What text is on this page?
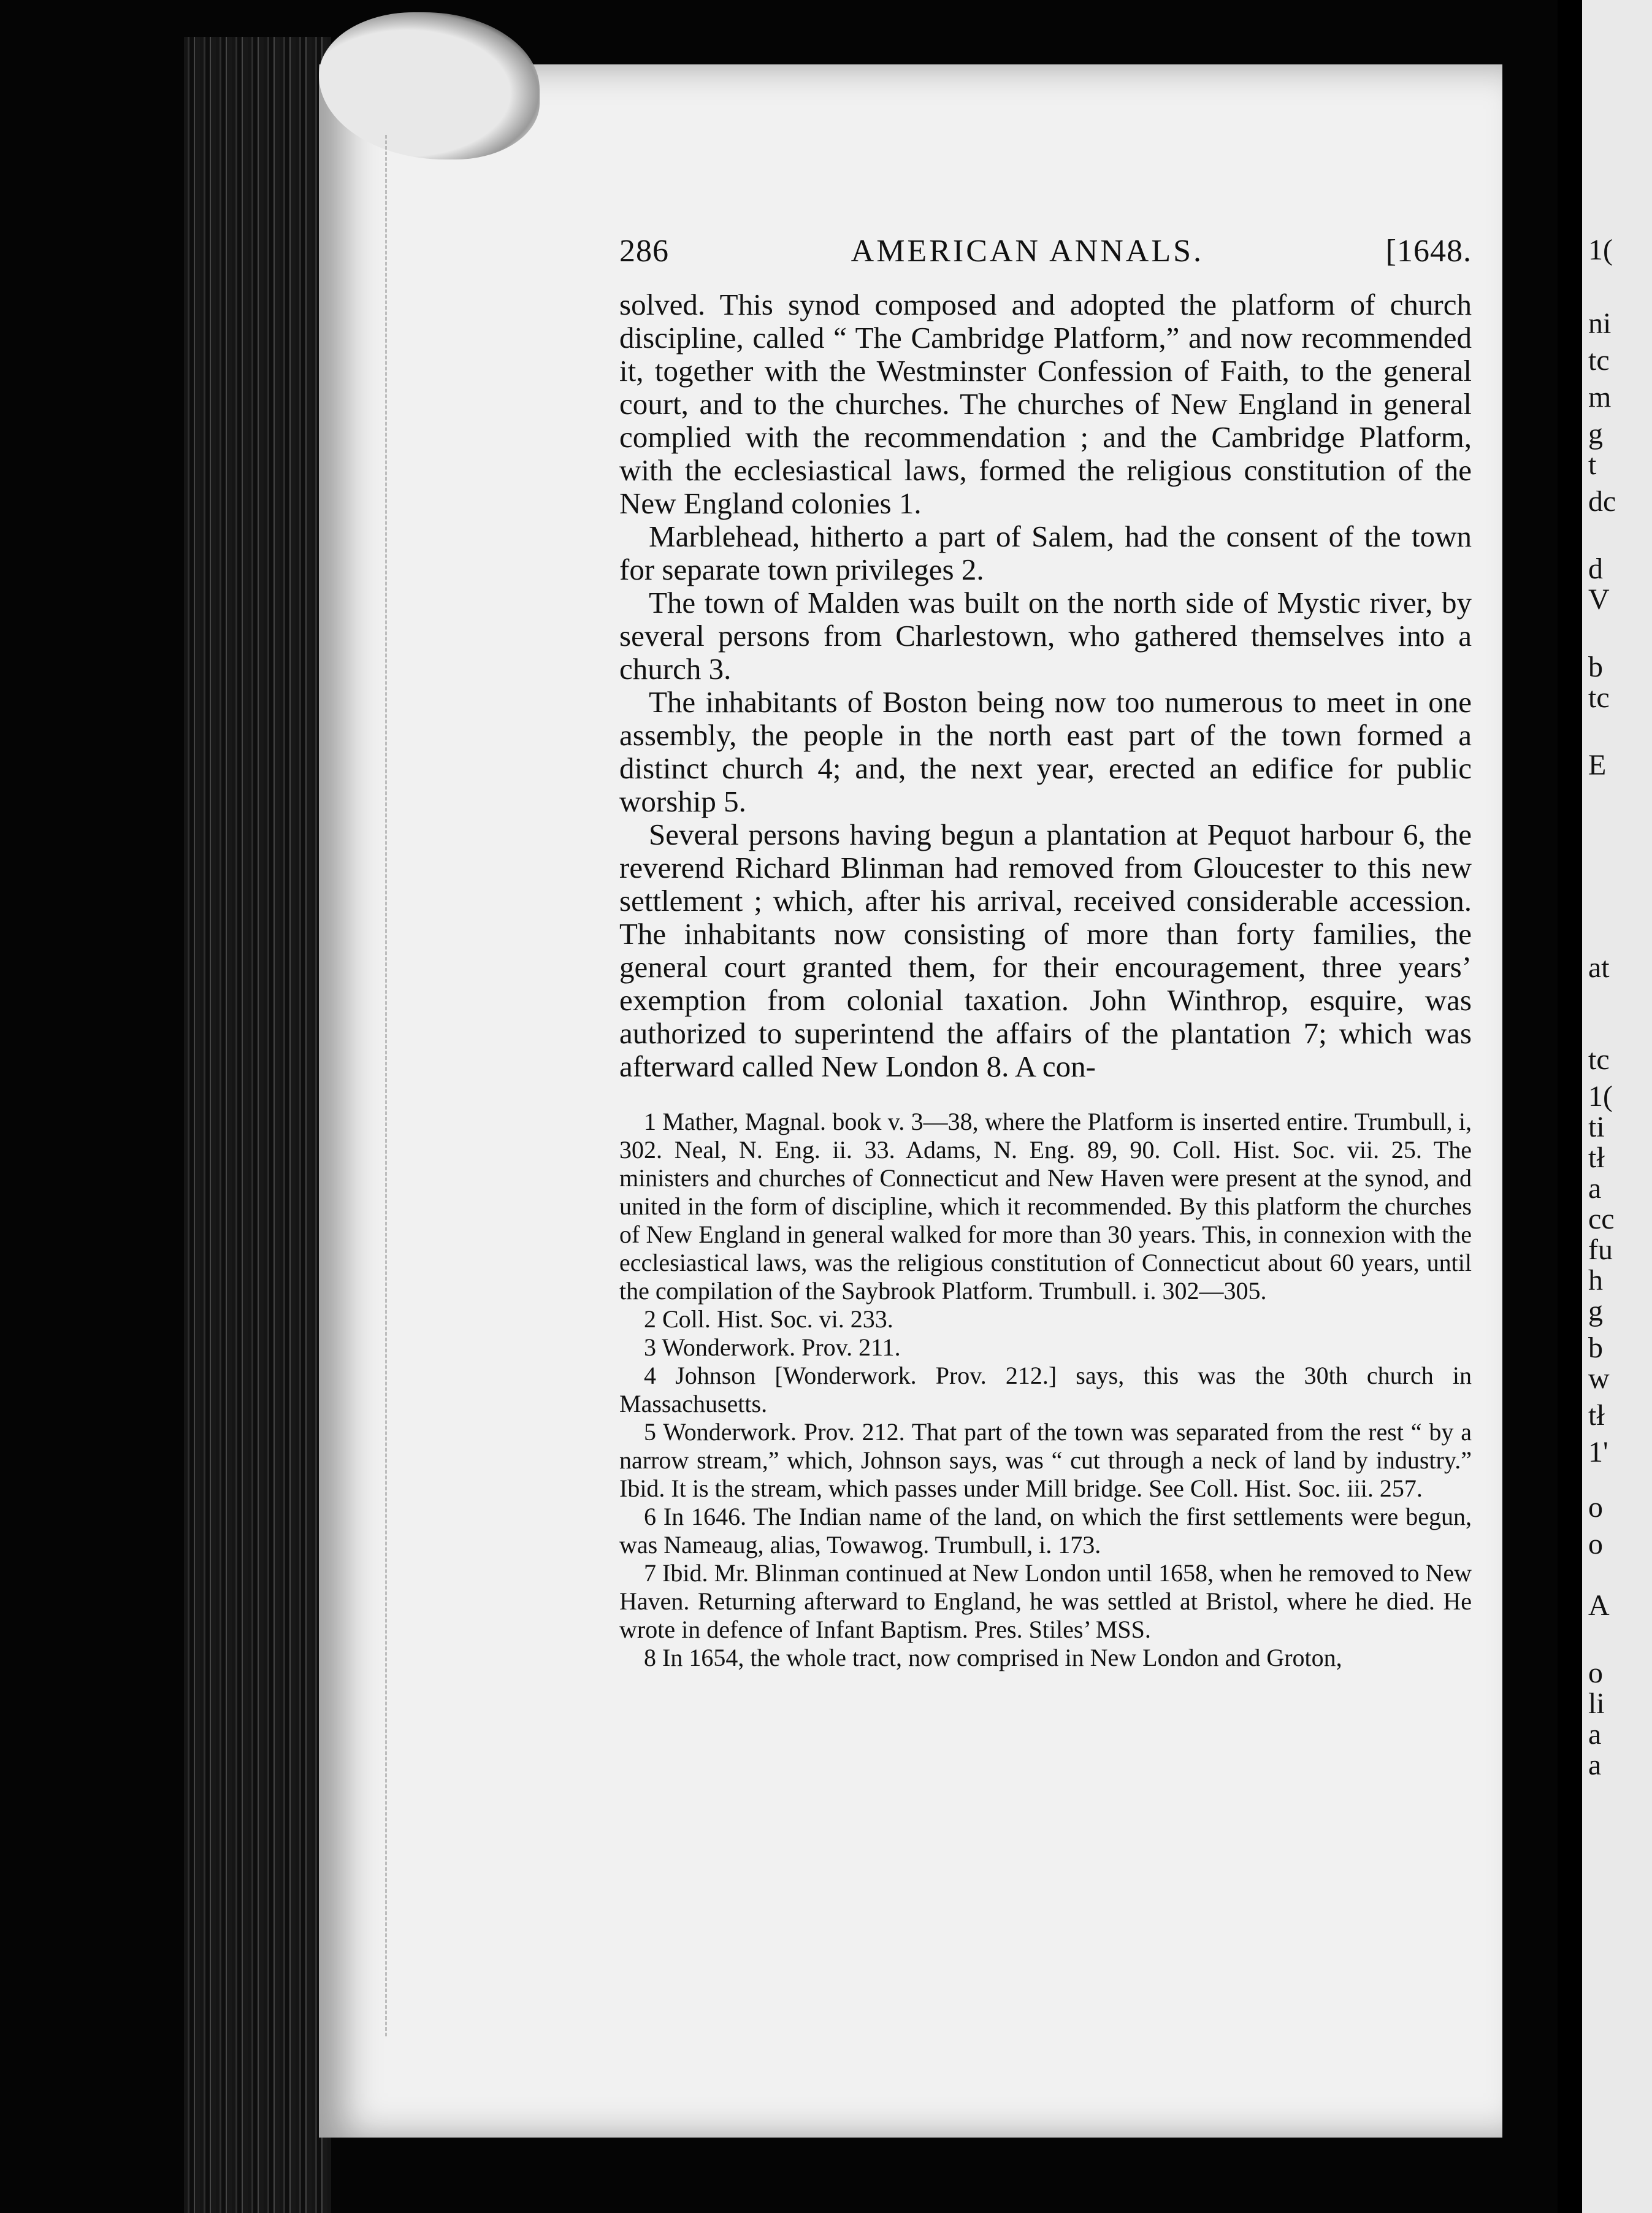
1(
ni
tc
m
g
t
dc
d
V
b
tc
E
at
tc
1(
ti
tł
a
cc
fu
h
g
b
w
tł
1'
o
o
A
o
li
a
a
286	AMERICAN ANNALS.	[1648.

solved. This synod composed and adopted the platform of church discipline, called “ The Cambridge Platform,” and now recommended it, together with the Westminster Confession of Faith, to the general court, and to the churches. The churches of New England in general complied with the recommendation ; and the Cambridge Platform, with the ecclesiastical laws, formed the religious constitution of the New England colonies 1.

Marblehead, hitherto a part of Salem, had the consent of the town for separate town privileges 2.

The town of Malden was built on the north side of Mystic river, by several persons from Charlestown, who gathered themselves into a church 3.

The inhabitants of Boston being now too numerous to meet in one assembly, the people in the north east part of the town formed a distinct church 4; and, the next year, erected an edifice for public worship 5.

Several persons having begun a plantation at Pequot harbour 6, the reverend Richard Blinman had removed from Gloucester to this new settlement ; which, after his arrival, received considerable accession. The inhabitants now consisting of more than forty families, the general court granted them, for their encouragement, three years’ exemption from colonial taxation. John Winthrop, esquire, was authorized to superintend the affairs of the plantation 7; which was afterward called New London 8. A con-

1 Mather, Magnal. book v. 3—38, where the Platform is inserted entire. Trumbull, i, 302. Neal, N. Eng. ii. 33. Adams, N. Eng. 89, 90. Coll. Hist. Soc. vii. 25. The ministers and churches of Connecticut and New Haven were present at the synod, and united in the form of discipline, which it recommended. By this platform the churches of New England in general walked for more than 30 years. This, in connexion with the ecclesiastical laws, was the religious constitution of Connecticut about 60 years, until the compilation of the Saybrook Platform. Trumbull. i. 302—305.

2 Coll. Hist. Soc. vi. 233.

3 Wonderwork. Prov. 211.

4 Johnson [Wonderwork. Prov. 212.] says, this was the 30th church in Massachusetts.

5 Wonderwork. Prov. 212. That part of the town was separated from the rest “ by a narrow stream,” which, Johnson says, was “ cut through a neck of land by industry.” Ibid. It is the stream, which passes under Mill bridge. See Coll. Hist. Soc. iii. 257.

6 In 1646. The Indian name of the land, on which the first settlements were begun, was Nameaug, alias, Towawog. Trumbull, i. 173.

7 Ibid. Mr. Blinman continued at New London until 1658, when he removed to New Haven. Returning afterward to England, he was settled at Bristol, where he died. He wrote in defence of Infant Baptism. Pres. Stiles’ MSS.

8 In 1654, the whole tract, now comprised in New London and Groton,
